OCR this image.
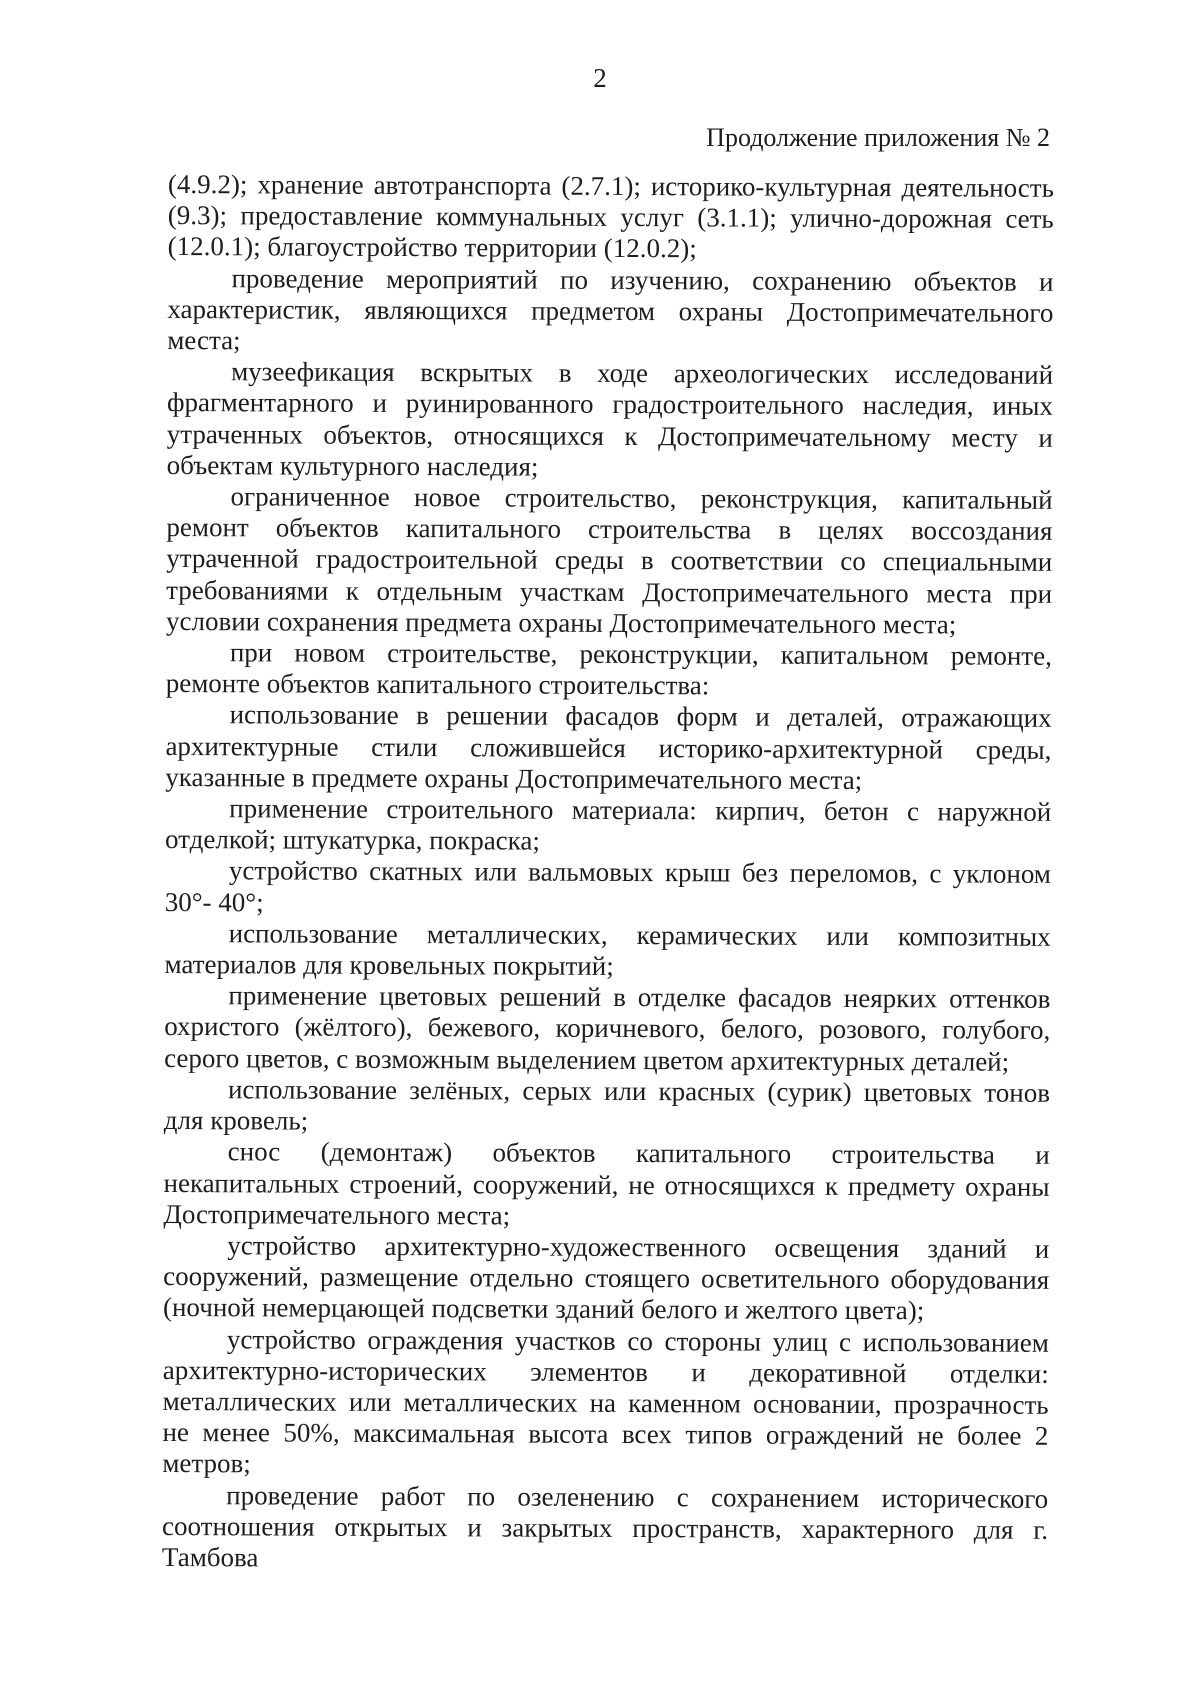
2
Продолжение приложения № 2

(4.9.2); хранение автотранспорта (2.7.1); историко-культурная деятельность (9.3); предоставление коммунальных услуг (3.1.1); улично-дорожная сеть (12.0.1); благоустройство территории (12.0.2);

проведение мероприятий по изучению, сохранению объектов и характеристик, являющихся предметом охраны Достопримечательного места;

музеефикация вскрытых в ходе археологических исследований фрагментарного и руинированного градостроительного наследия, иных утраченных объектов, относящихся к Достопримечательному месту и объектам культурного наследия;

ограниченное новое строительство, реконструкция, капитальный ремонт объектов капитального строительства в целях воссоздания утраченной градостроительной среды в соответствии со специальными требованиями к отдельным участкам Достопримечательного места при условии сохранения предмета охраны Достопримечательного места;

при новом строительстве, реконструкции, капитальном ремонте, ремонте объектов капитального строительства:

использование в решении фасадов форм и деталей, отражающих архитектурные стили сложившейся историко-архитектурной среды, указанные в предмете охраны Достопримечательного места;

применение строительного материала: кирпич, бетон с наружной отделкой; штукатурка, покраска;

устройство скатных или вальмовых крыш без переломов, с уклоном 30°- 40°;

использование металлических, керамических или композитных материалов для кровельных покрытий;

применение цветовых решений в отделке фасадов неярких оттенков охристого (жёлтого), бежевого, коричневого, белого, розового, голубого, серого цветов, с возможным выделением цветом архитектурных деталей;

использование зелёных, серых или красных (сурик) цветовых тонов для кровель;

снос (демонтаж) объектов капитального строительства и некапитальных строений, сооружений, не относящихся к предмету охраны Достопримечательного места;

устройство архитектурно-художественного освещения зданий и сооружений, размещение отдельно стоящего осветительного оборудования (ночной немерцающей подсветки зданий белого и желтого цвета);

устройство ограждения участков со стороны улиц с использованием архитектурно-исторических элементов и декоративной отделки: металлических или металлических на каменном основании, прозрачность не менее 50%, максимальная высота всех типов ограждений не более 2 метров;

проведение работ по озеленению с сохранением исторического соотношения открытых и закрытых пространств, характерного для г. Тамбова
